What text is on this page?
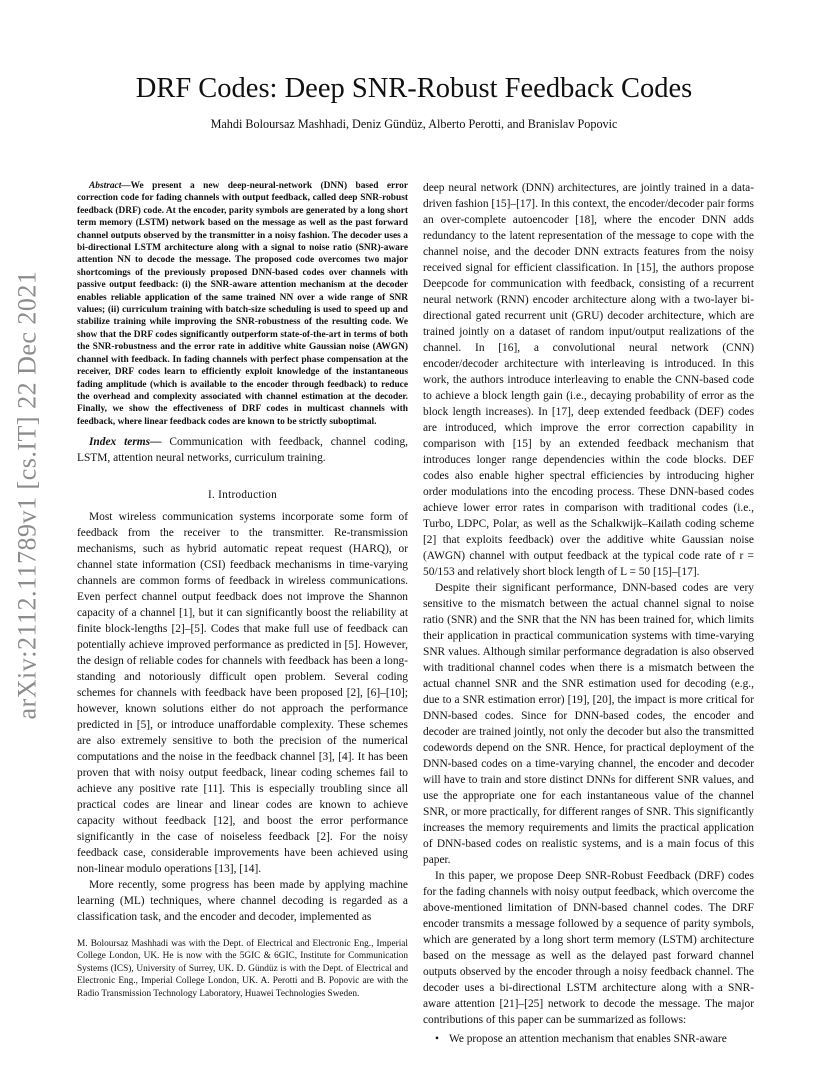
arXiv:2112.11789v1 [cs.IT] 22 Dec 2021
DRF Codes: Deep SNR-Robust Feedback Codes
Mahdi Boloursaz Mashhadi, Deniz Gündüz, Alberto Perotti, and Branislav Popovic

Abstract—We present a new deep-neural-network (DNN) based error correction code for fading channels with output feedback, called deep SNR-robust feedback (DRF) code. At the encoder, parity symbols are generated by a long short term memory (LSTM) network based on the message as well as the past forward channel outputs observed by the transmitter in a noisy fashion. The decoder uses a bi-directional LSTM architecture along with a signal to noise ratio (SNR)-aware attention NN to decode the message. The proposed code overcomes two major shortcomings of the previously proposed DNN-based codes over channels with passive output feedback: (i) the SNR-aware attention mechanism at the decoder enables reliable application of the same trained NN over a wide range of SNR values; (ii) curriculum training with batch-size scheduling is used to speed up and stabilize training while improving the SNR-robustness of the resulting code. We show that the DRF codes significantly outperform state-of-the-art in terms of both the SNR-robustness and the error rate in additive white Gaussian noise (AWGN) channel with feedback. In fading channels with perfect phase compensation at the receiver, DRF codes learn to efficiently exploit knowledge of the instantaneous fading amplitude (which is available to the encoder through feedback) to reduce the overhead and complexity associated with channel estimation at the decoder. Finally, we show the effectiveness of DRF codes in multicast channels with feedback, where linear feedback codes are known to be strictly suboptimal.

Index terms— Communication with feedback, channel coding, LSTM, attention neural networks, curriculum training.

I. Introduction

Most wireless communication systems incorporate some form of feedback from the receiver to the transmitter. Re-transmission mechanisms, such as hybrid automatic repeat request (HARQ), or channel state information (CSI) feedback mechanisms in time-varying channels are common forms of feedback in wireless communications. Even perfect channel output feedback does not improve the Shannon capacity of a channel [1], but it can significantly boost the reliability at finite block-lengths [2]–[5]. Codes that make full use of feedback can potentially achieve improved performance as predicted in [5]. However, the design of reliable codes for channels with feedback has been a long-standing and notoriously difficult open problem. Several coding schemes for channels with feedback have been proposed [2], [6]–[10]; however, known solutions either do not approach the performance predicted in [5], or introduce unaffordable complexity. These schemes are also extremely sensitive to both the precision of the numerical computations and the noise in the feedback channel [3], [4]. It has been proven that with noisy output feedback, linear coding schemes fail to achieve any positive rate [11]. This is especially troubling since all practical codes are linear and linear codes are known to achieve capacity without feedback [12], and boost the error performance significantly in the case of noiseless feedback [2]. For the noisy feedback case, considerable improvements have been achieved using non-linear modulo operations [13], [14].

More recently, some progress has been made by applying machine learning (ML) techniques, where channel decoding is regarded as a classification task, and the encoder and decoder, implemented as

M. Boloursaz Mashhadi was with the Dept. of Electrical and Electronic Eng., Imperial College London, UK. He is now with the 5GIC & 6GIC, Institute for Communication Systems (ICS), University of Surrey, UK. D. Gündüz is with the Dept. of Electrical and Electronic Eng., Imperial College London, UK. A. Perotti and B. Popovic are with the Radio Transmission Technology Laboratory, Huawei Technologies Sweden.

deep neural network (DNN) architectures, are jointly trained in a data-driven fashion [15]–[17]. In this context, the encoder/decoder pair forms an over-complete autoencoder [18], where the encoder DNN adds redundancy to the latent representation of the message to cope with the channel noise, and the decoder DNN extracts features from the noisy received signal for efficient classification. In [15], the authors propose Deepcode for communication with feedback, consisting of a recurrent neural network (RNN) encoder architecture along with a two-layer bi-directional gated recurrent unit (GRU) decoder architecture, which are trained jointly on a dataset of random input/output realizations of the channel. In [16], a convolutional neural network (CNN) encoder/decoder architecture with interleaving is introduced. In this work, the authors introduce interleaving to enable the CNN-based code to achieve a block length gain (i.e., decaying probability of error as the block length increases). In [17], deep extended feedback (DEF) codes are introduced, which improve the error correction capability in comparison with [15] by an extended feedback mechanism that introduces longer range dependencies within the code blocks. DEF codes also enable higher spectral efficiencies by introducing higher order modulations into the encoding process. These DNN-based codes achieve lower error rates in comparison with traditional codes (i.e., Turbo, LDPC, Polar, as well as the Schalkwijk–Kailath coding scheme [2] that exploits feedback) over the additive white Gaussian noise (AWGN) channel with output feedback at the typical code rate of r = 50/153 and relatively short block length of L = 50 [15]–[17].

Despite their significant performance, DNN-based codes are very sensitive to the mismatch between the actual channel signal to noise ratio (SNR) and the SNR that the NN has been trained for, which limits their application in practical communication systems with time-varying SNR values. Although similar performance degradation is also observed with traditional channel codes when there is a mismatch between the actual channel SNR and the SNR estimation used for decoding (e.g., due to a SNR estimation error) [19], [20], the impact is more critical for DNN-based codes. Since for DNN-based codes, the encoder and decoder are trained jointly, not only the decoder but also the transmitted codewords depend on the SNR. Hence, for practical deployment of the DNN-based codes on a time-varying channel, the encoder and decoder will have to train and store distinct DNNs for different SNR values, and use the appropriate one for each instantaneous value of the channel SNR, or more practically, for different ranges of SNR. This significantly increases the memory requirements and limits the practical application of DNN-based codes on realistic systems, and is a main focus of this paper.

In this paper, we propose Deep SNR-Robust Feedback (DRF) codes for the fading channels with noisy output feedback, which overcome the above-mentioned limitation of DNN-based channel codes. The DRF encoder transmits a message followed by a sequence of parity symbols, which are generated by a long short term memory (LSTM) architecture based on the message as well as the delayed past forward channel outputs observed by the encoder through a noisy feedback channel. The decoder uses a bi-directional LSTM architecture along with a SNR-aware attention [21]–[25] network to decode the message. The major contributions of this paper can be summarized as follows:

• We propose an attention mechanism that enables SNR-aware
